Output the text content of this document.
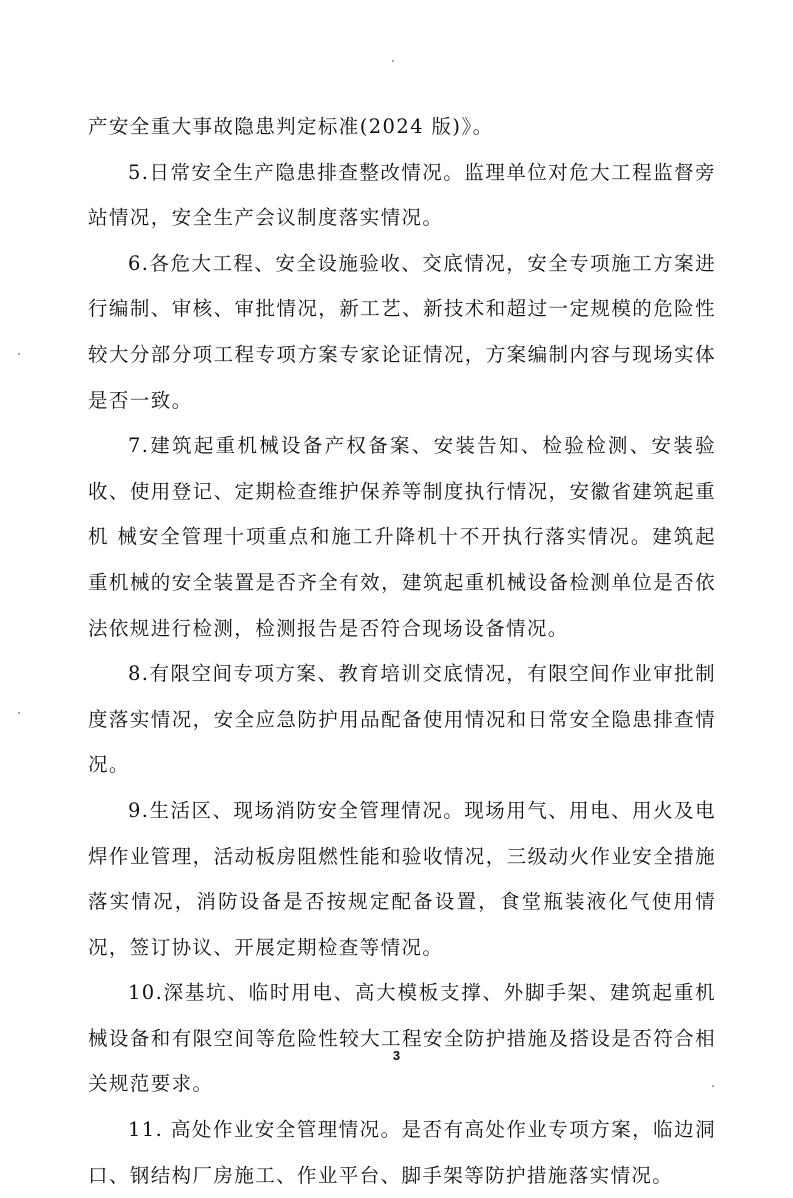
产安全重大事故隐患判定标准(2024 版)》。

5.日常安全生产隐患排查整改情况。监理单位对危大工程监督旁站情况，安全生产会议制度落实情况。

6.各危大工程、安全设施验收、交底情况，安全专项施工方案进 行编制、审核、审批情况，新工艺、新技术和超过一定规模的危险性较大分部分项工程专项方案专家论证情况，方案编制内容与现场实体是否一致。

7.建筑起重机械设备产权备案、安装告知、检验检测、安装验收、使用登记、定期检查维护保养等制度执行情况，安徽省建筑起重机 械安全管理十项重点和施工升降机十不开执行落实情况。建筑起重机械的安全装置是否齐全有效，建筑起重机械设备检测单位是否依法依规进行检测，检测报告是否符合现场设备情况。

8.有限空间专项方案、教育培训交底情况，有限空间作业审批制度落实情况，安全应急防护用品配备使用情况和日常安全隐患排查情况。

9.生活区、现场消防安全管理情况。现场用气、用电、用火及电焊作业管理，活动板房阻燃性能和验收情况，三级动火作业安全措施落实情况，消防设备是否按规定配备设置，食堂瓶装液化气使用情况，签订协议、开展定期检查等情况。

10.深基坑、临时用电、高大模板支撑、外脚手架、建筑起重机械设备和有限空间等危险性较大工程安全防护措施及搭设是否符合相关规范要求。

11. 高处作业安全管理情况。是否有高处作业专项方案，临边洞口、钢结构厂房施工、作业平台、脚手架等防护措施落实情况。

3
